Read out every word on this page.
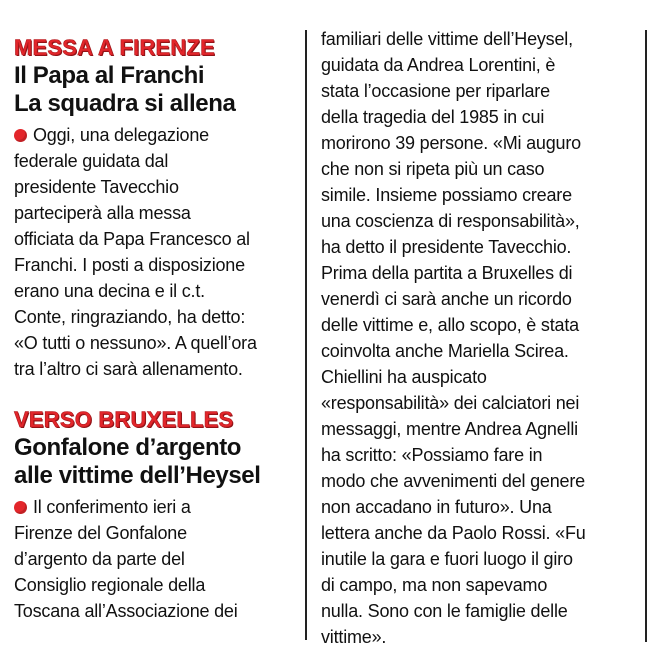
MESSA A FIRENZE

Il Papa al Franchi
La squadra si allena

Oggi, una delegazione
federale guidata dal
presidente Tavecchio
parteciperà alla messa
officiata da Papa Francesco al
Franchi. I posti a disposizione
erano una decina e il c.t.
Conte, ringraziando, ha detto:
«O tutti o nessuno». A quell’ora
tra l’altro ci sarà allenamento.

VERSO BRUXELLES

Gonfalone d’argento
alle vittime dell’Heysel

Il conferimento ieri a
Firenze del Gonfalone
d’argento da parte del
Consiglio regionale della
Toscana all’Associazione dei

familiari delle vittime dell’Heysel,
guidata da Andrea Lorentini, è
stata l’occasione per riparlare
della tragedia del 1985 in cui
morirono 39 persone. «Mi auguro
che non si ripeta più un caso
simile. Insieme possiamo creare
una coscienza di responsabilità»,
ha detto il presidente Tavecchio.
Prima della partita a Bruxelles di
venerdì ci sarà anche un ricordo
delle vittime e, allo scopo, è stata
coinvolta anche Mariella Scirea.
Chiellini ha auspicato
«responsabilità» dei calciatori nei
messaggi, mentre Andrea Agnelli
ha scritto: «Possiamo fare in
modo che avvenimenti del genere
non accadano in futuro». Una
lettera anche da Paolo Rossi. «Fu
inutile la gara e fuori luogo il giro
di campo, ma non sapevamo
nulla. Sono con le famiglie delle
vittime».
